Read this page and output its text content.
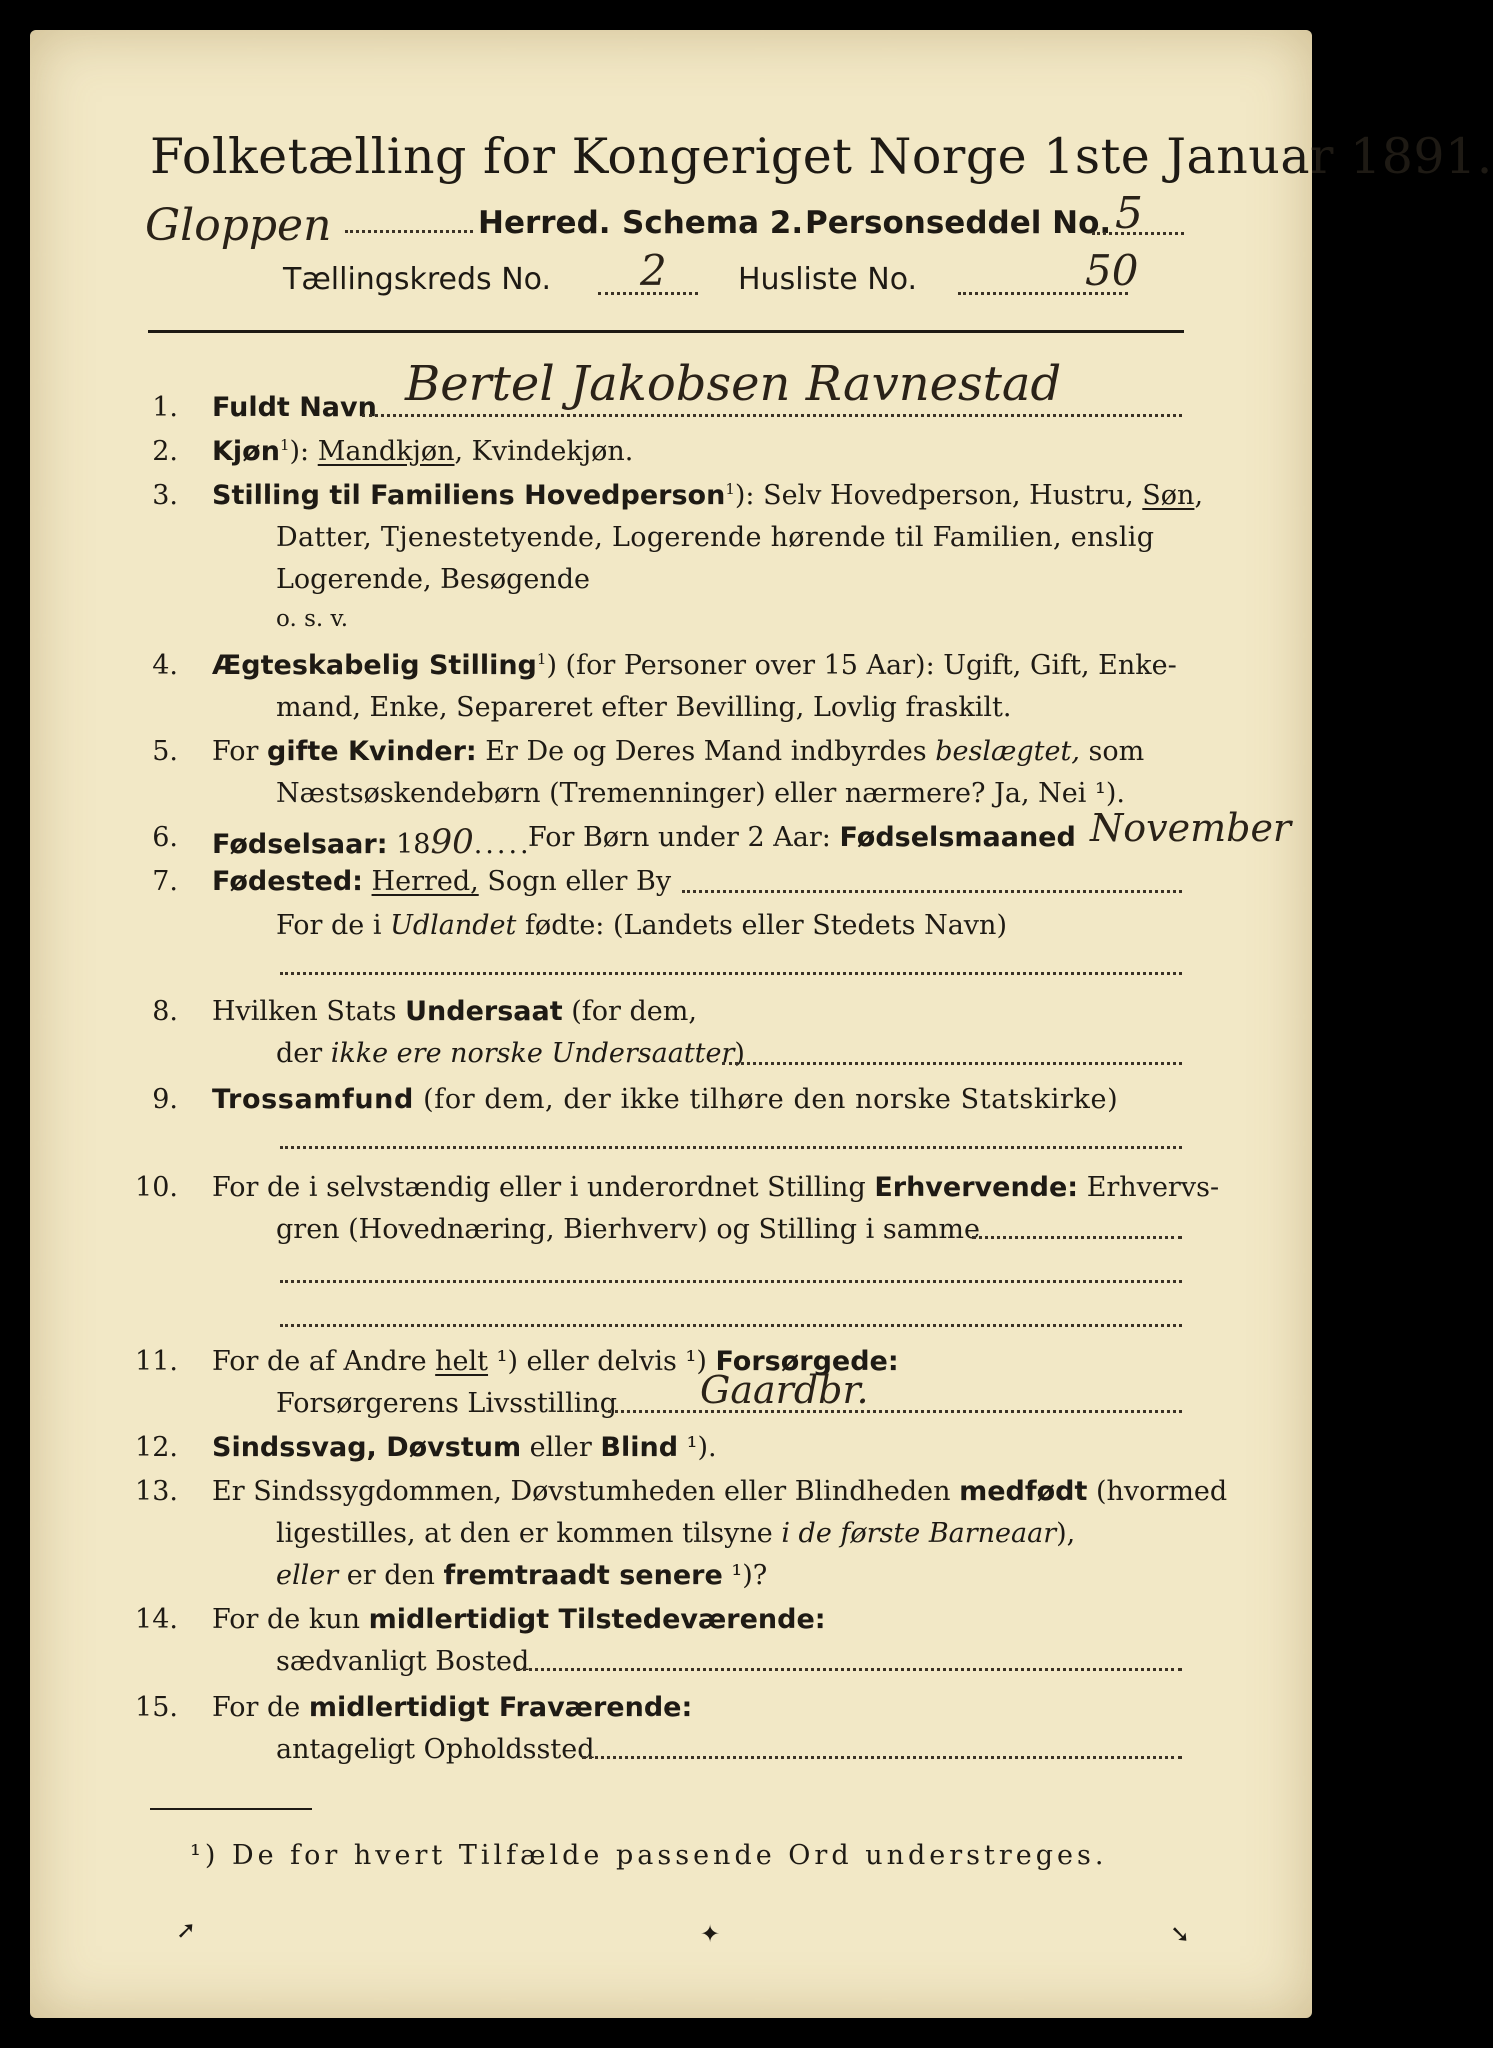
Folketælling for Kongeriget Norge 1ste Januar 1891.
Gloppen	Herred. Schema 2. Personseddel No. 5
Tællingskreds No. 2 Husliste No.	50
1. Fuldt Navn Bertel Jakobsen Ravnestad
2. Kjøn$^1$): Mandkjøn, Kvindekjøn.
3. Stilling til Familiens Hovedperson$^1$): Selv Hovedperson, Hustru, Søn,
Datter, Tjenestetyende, Logerende hørende til Familien, enslig
Logerende, Besøgende
o. s. v.
4. Ægteskabelig Stilling$^1$) (for Personer over 15 Aar): Ugift, Gift, Enke-
mand, Enke, Separeret efter Bevilling, Lovlig fraskilt.
5. For gifte Kvinder: Er De og Deres Mand indbyrdes beslægtet, som
Næstsøskendebørn (Tremenninger) eller nærmere? Ja, Nei ¹).
6. Fødselsaar: 1890.....
For Børn under 2 Aar: Fødselsmaaned November
7. Fødested: Herred, Sogn eller By
For de i Udlandet fødte: (Landets eller Stedets Navn)
8. Hvilken Stats Undersaat (for dem,
der ikke ere norske Undersaatter)
9. Trossamfund (for dem, der ikke tilhøre den norske Statskirke)
10. For de i selvstændig eller i underordnet Stilling Erhvervende: Erhvervs-
gren (Hovednæring, Bierhverv) og Stilling i samme
11. For de af Andre helt ¹) eller delvis ¹) Forsørgede:
Forsørgerens Livsstilling Gaardbr.
12. Sindssvag, Døvstum eller Blind ¹).
13. Er Sindssygdommen, Døvstumheden eller Blindheden medfødt (hvormed
ligestilles, at den er kommen tilsyne i de første Barneaar),
eller er den fremtraadt senere ¹)?
14. For de kun midlertidigt Tilstedeværende:
sædvanligt Bosted
15. For de midlertidigt Fraværende:
antageligt Opholdssted
¹) De for hvert Tilfælde passende Ord understreges.
➚	✦	➘
